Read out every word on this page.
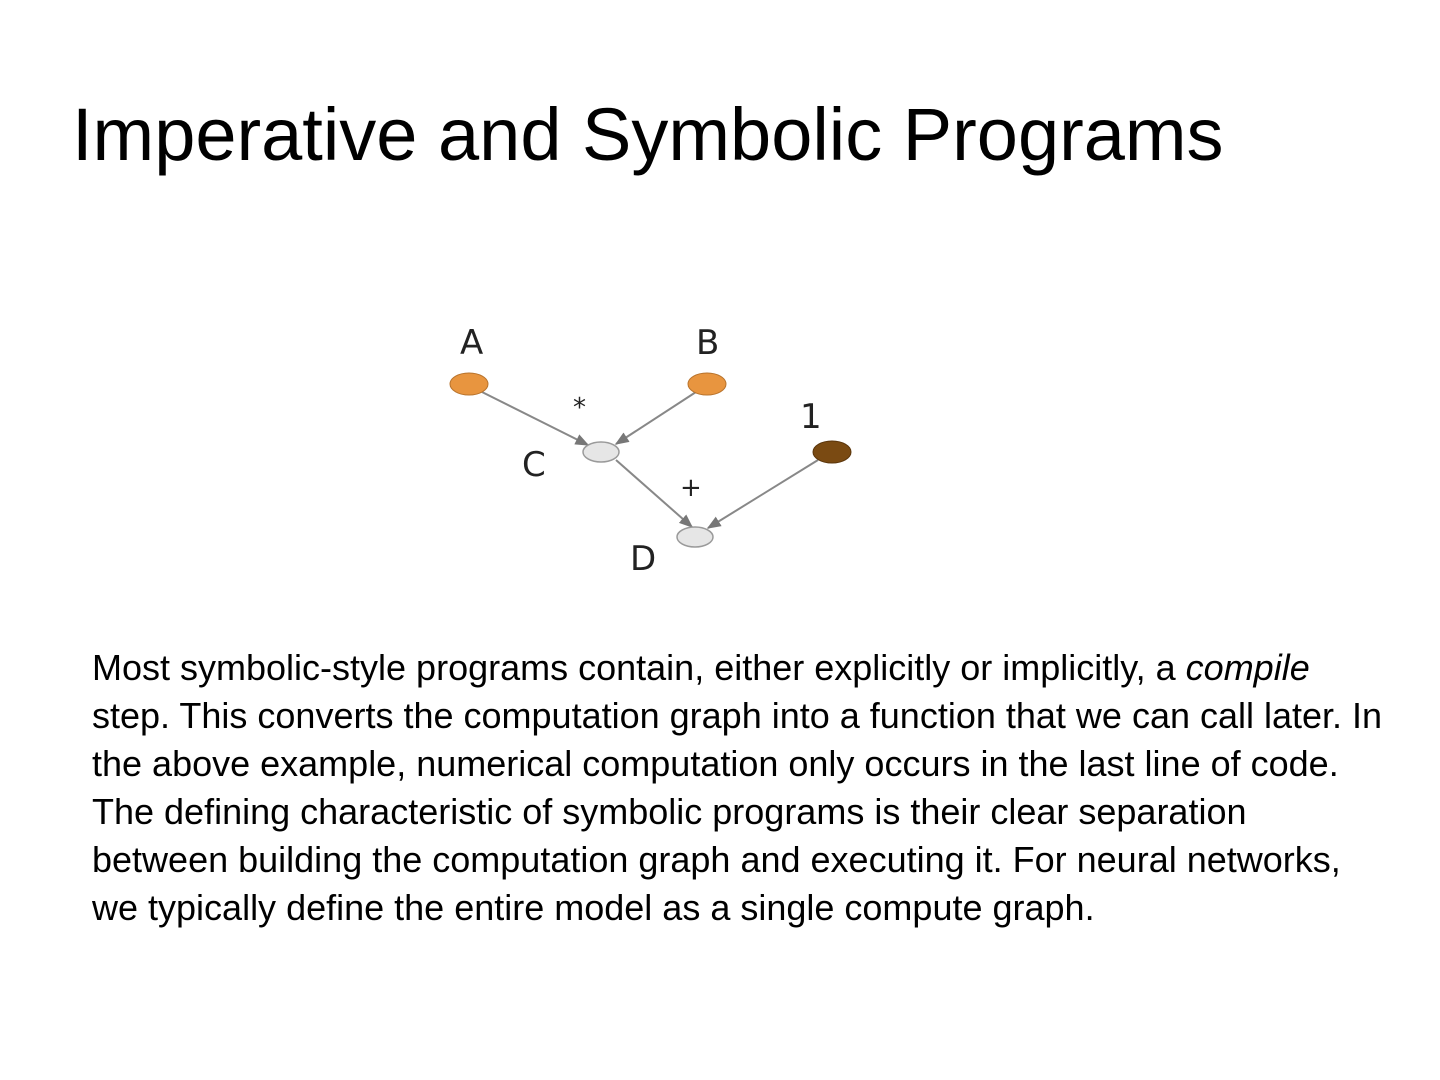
Imperative and Symbolic Programs
A	B
1
C
D
*
+

Most symbolic-style programs contain, either explicitly or implicitly, a compile step. This converts the computation graph into a function that we can call later. In the above example, numerical computation only occurs in the last line of code. The defining characteristic of symbolic programs is their clear separation between building the computation graph and executing it. For neural networks, we typically define the entire model as a single compute graph.
